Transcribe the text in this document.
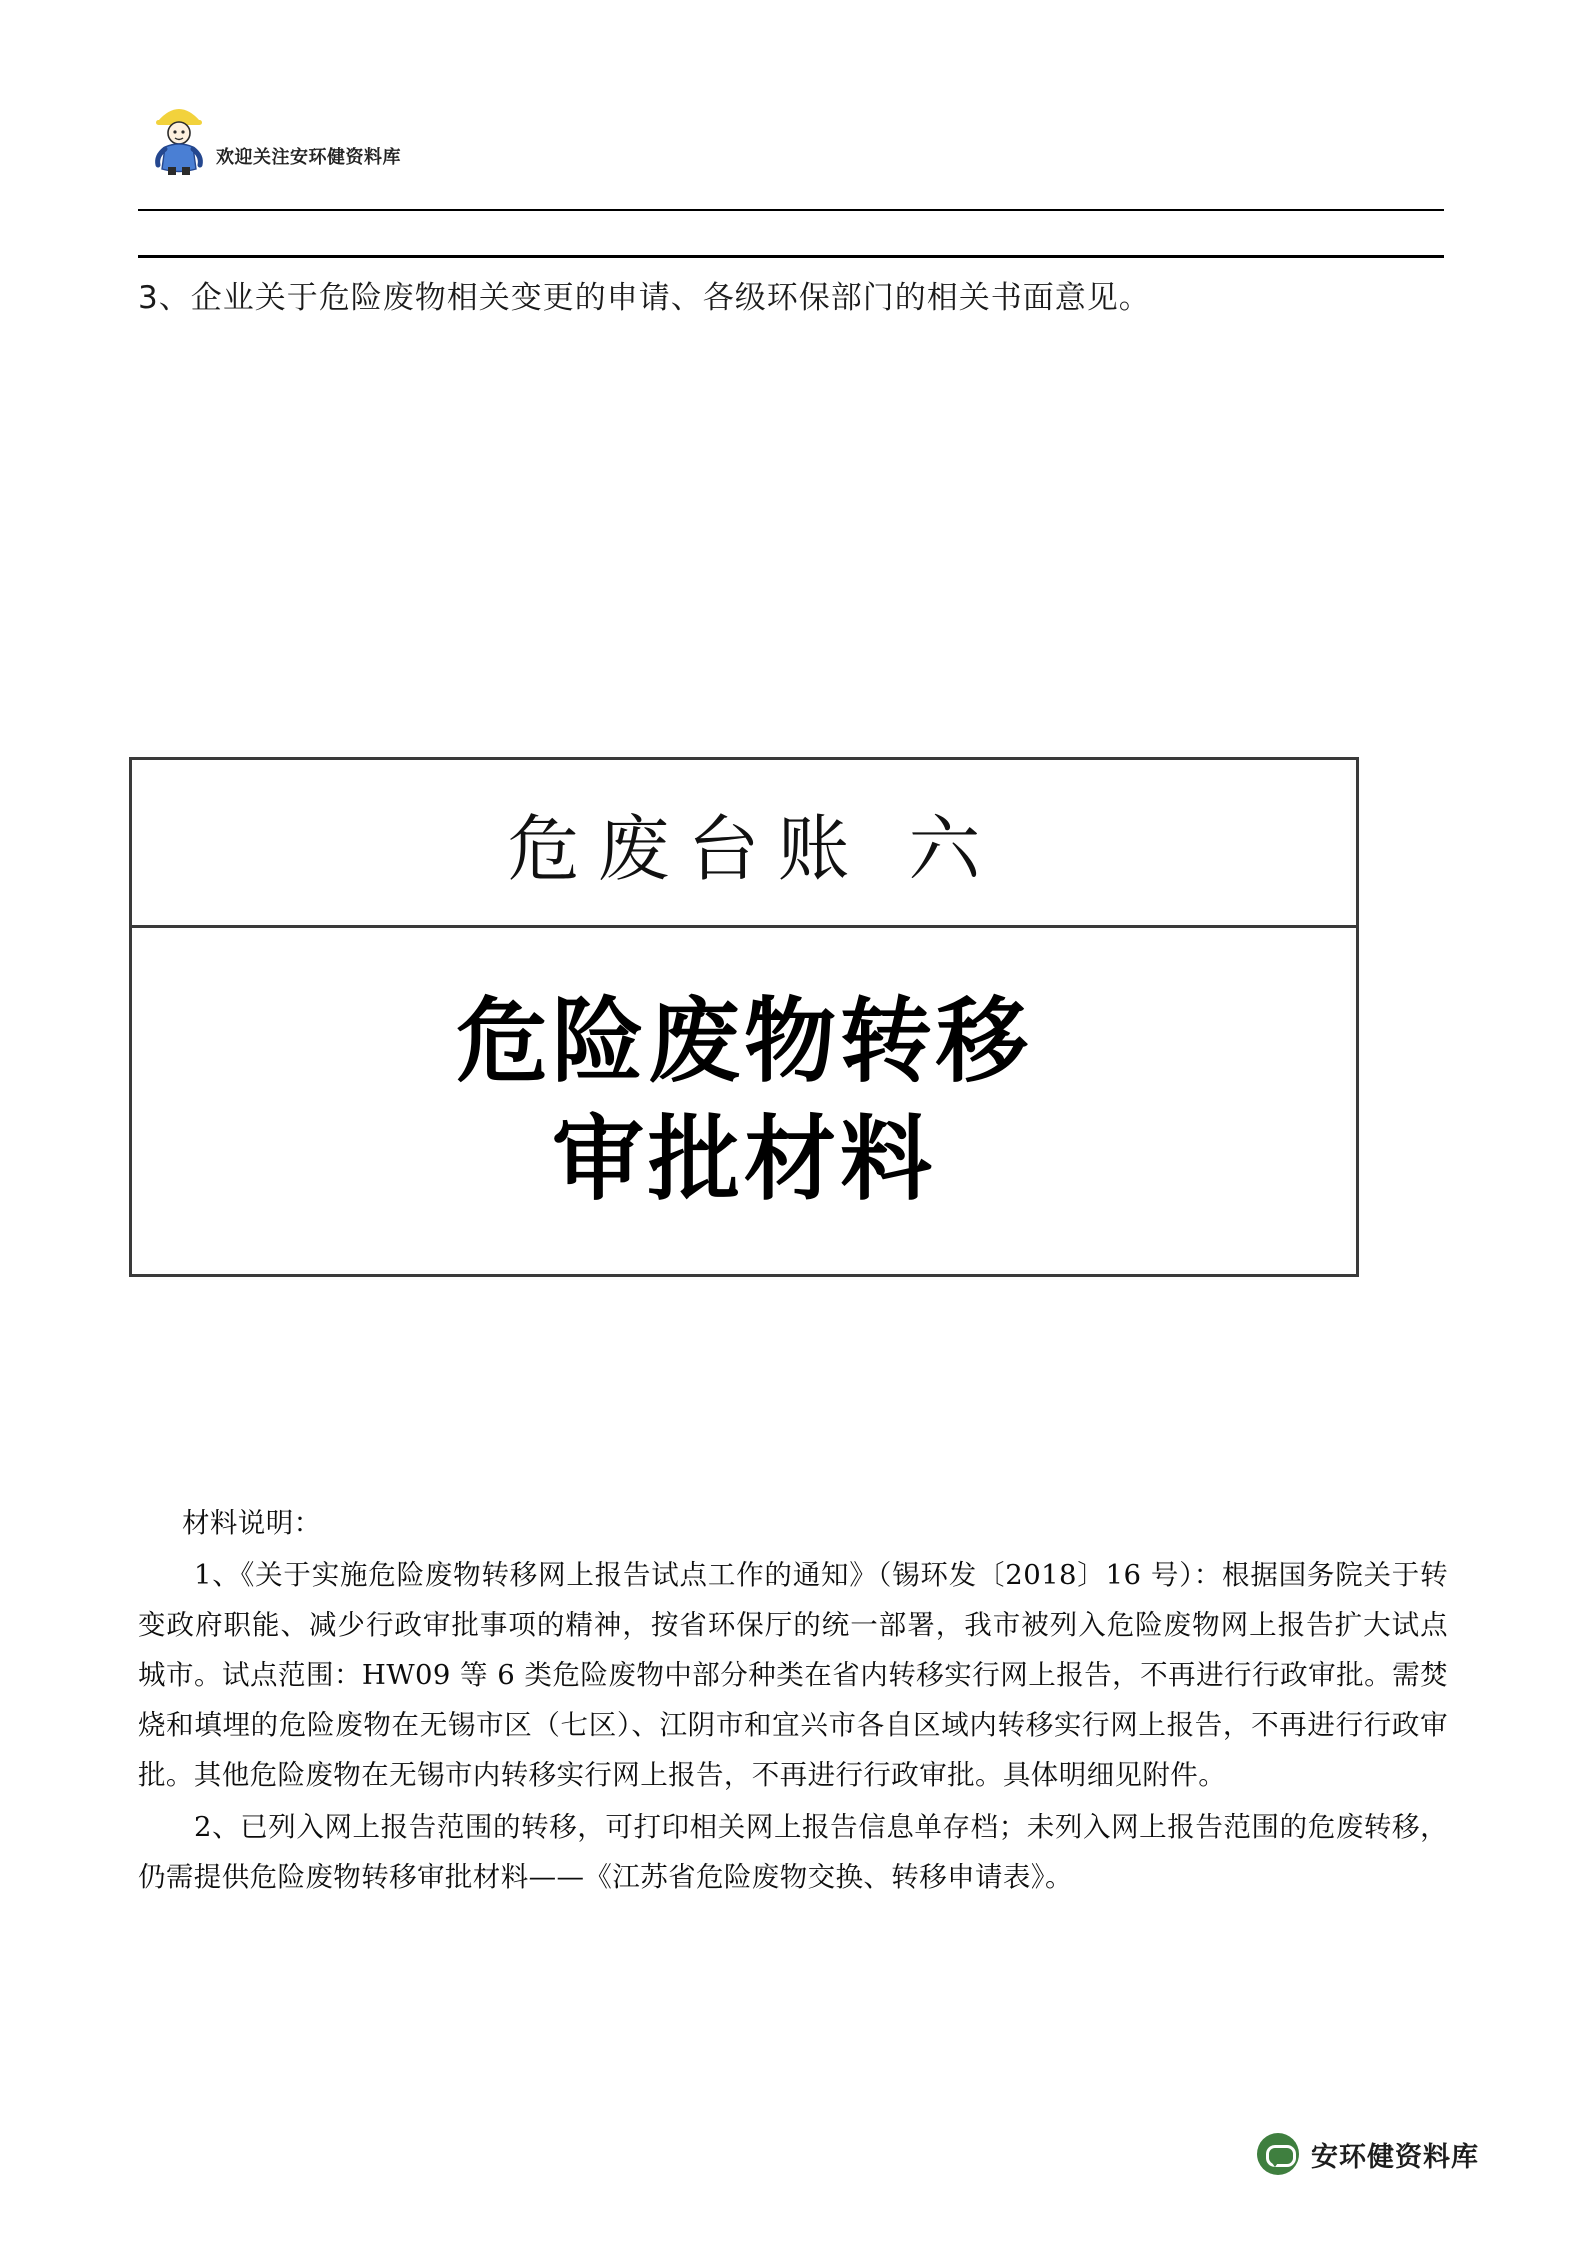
欢迎关注安环健资料库
3、企业关于危险废物相关变更的申请、各级环保部门的相关书面意见。
危废台账 六
危险废物转移
审批材料

材料说明：

1、《关于实施危险废物转移网上报告试点工作的通知》（锡环发〔2018〕16 号）：根据国务院关于转变政府职能、减少行政审批事项的精神，按省环保厅的统一部署，我市被列入危险废物网上报告扩大试点城市。试点范围：HW09 等 6 类危险废物中部分种类在省内转移实行网上报告，不再进行行政审批。需焚烧和填埋的危险废物在无锡市区（七区）、江阴市和宜兴市各自区域内转移实行网上报告，不再进行行政审批。其他危险废物在无锡市内转移实行网上报告，不再进行行政审批。具体明细见附件。

2、已列入网上报告范围的转移，可打印相关网上报告信息单存档；未列入网上报告范围的危废转移，仍需提供危险废物转移审批材料——《江苏省危险废物交换、转移申请表》。

安环健资料库
